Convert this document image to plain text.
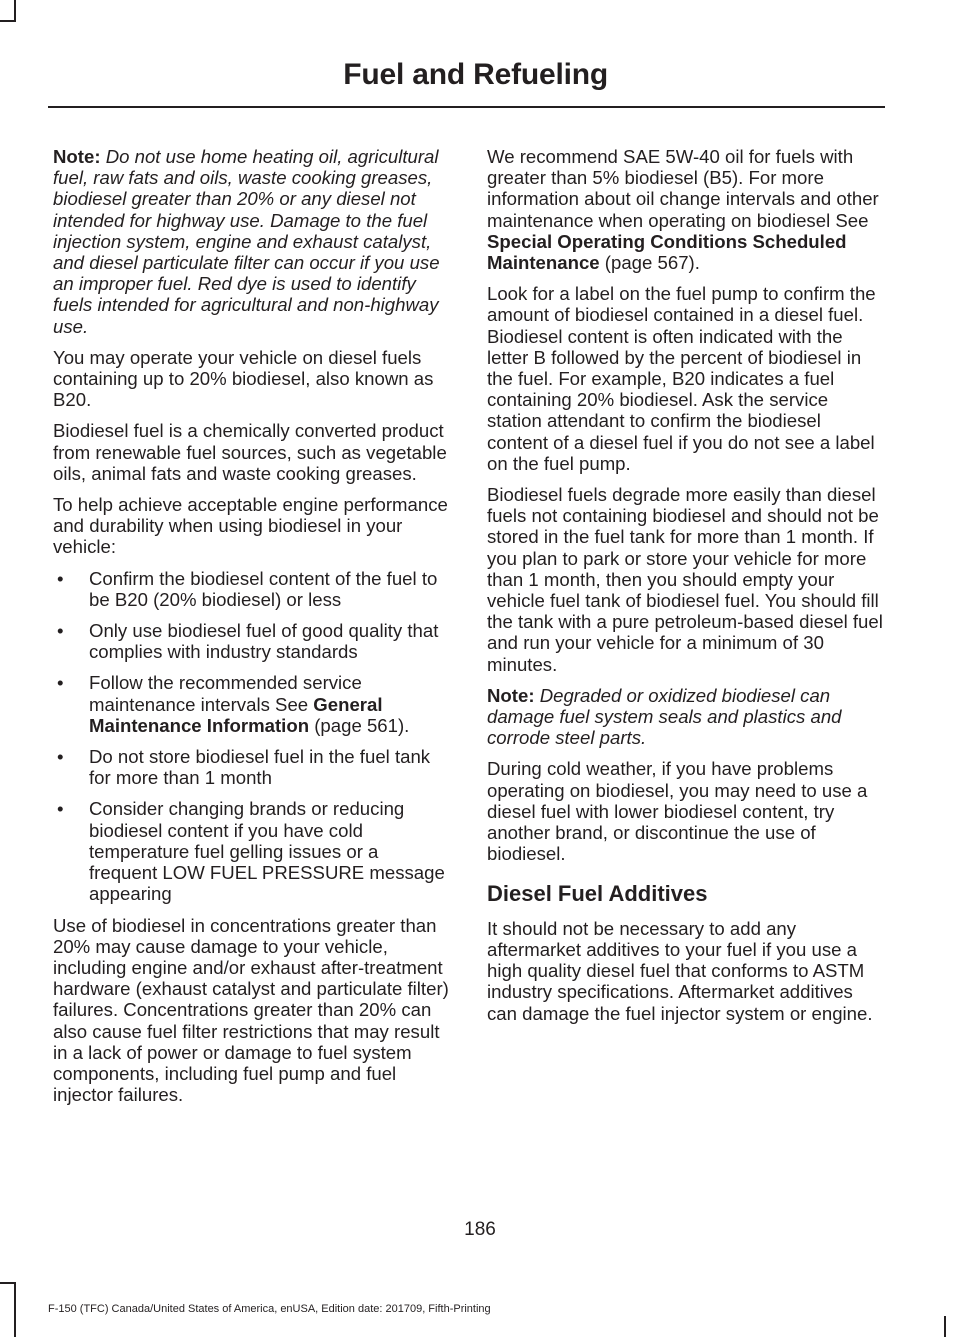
Fuel and Refueling

Note: Do not use home heating oil, agricultural fuel, raw fats and oils, waste cooking greases, biodiesel greater than 20% or any diesel not intended for highway use. Damage to the fuel injection system, engine and exhaust catalyst, and diesel particulate filter can occur if you use an improper fuel. Red dye is used to identify fuels intended for agricultural and non-highway use.

You may operate your vehicle on diesel fuels containing up to 20% biodiesel, also known as B20.

Biodiesel fuel is a chemically converted product from renewable fuel sources, such as vegetable oils, animal fats and waste cooking greases.

To help achieve acceptable engine performance and durability when using biodiesel in your vehicle:

• Confirm the biodiesel content of the fuel to be B20 (20% biodiesel) or less
• Only use biodiesel fuel of good quality that complies with industry standards
• Follow the recommended service maintenance intervals See General Maintenance Information (page 561).
• Do not store biodiesel fuel in the fuel tank for more than 1 month
• Consider changing brands or reducing biodiesel content if you have cold temperature fuel gelling issues or a frequent LOW FUEL PRESSURE message appearing

Use of biodiesel in concentrations greater than 20% may cause damage to your vehicle, including engine and/or exhaust after-treatment hardware (exhaust catalyst and particulate filter) failures. Concentrations greater than 20% can also cause fuel filter restrictions that may result in a lack of power or damage to fuel system components, including fuel pump and fuel injector failures.

We recommend SAE 5W-40 oil for fuels with greater than 5% biodiesel (B5). For more information about oil change intervals and other maintenance when operating on biodiesel See Special Operating Conditions Scheduled Maintenance (page 567).

Look for a label on the fuel pump to confirm the amount of biodiesel contained in a diesel fuel. Biodiesel content is often indicated with the letter B followed by the percent of biodiesel in the fuel. For example, B20 indicates a fuel containing 20% biodiesel. Ask the service station attendant to confirm the biodiesel content of a diesel fuel if you do not see a label on the fuel pump.

Biodiesel fuels degrade more easily than diesel fuels not containing biodiesel and should not be stored in the fuel tank for more than 1 month. If you plan to park or store your vehicle for more than 1 month, then you should empty your vehicle fuel tank of biodiesel fuel. You should fill the tank with a pure petroleum-based diesel fuel and run your vehicle for a minimum of 30 minutes.

Note: Degraded or oxidized biodiesel can damage fuel system seals and plastics and corrode steel parts.

During cold weather, if you have problems operating on biodiesel, you may need to use a diesel fuel with lower biodiesel content, try another brand, or discontinue the use of biodiesel.

Diesel Fuel Additives

It should not be necessary to add any aftermarket additives to your fuel if you use a high quality diesel fuel that conforms to ASTM industry specifications. Aftermarket additives can damage the fuel injector system or engine.

186
F-150 (TFC) Canada/United States of America, enUSA, Edition date: 201709, Fifth-Printing
